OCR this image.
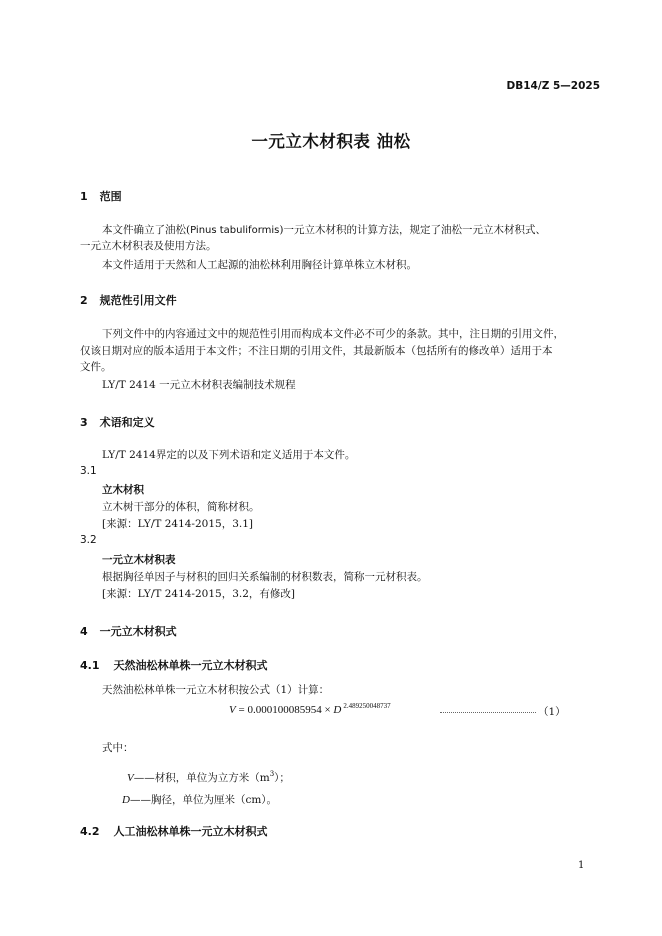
DB14/Z 5—2025
一元立木材积表 油松
1 范围
本文件确立了油松(Pinus tabuliformis)一元立木材积的计算方法，规定了油松一元立木材积式、
一元立木材积表及使用方法。
本文件适用于天然和人工起源的油松林利用胸径计算单株立木材积。
2 规范性引用文件
下列文件中的内容通过文中的规范性引用而构成本文件必不可少的条款。其中，注日期的引用文件，
仅该日期对应的版本适用于本文件；不注日期的引用文件，其最新版本（包括所有的修改单）适用于本
文件。
LY/T 2414 一元立木材积表编制技术规程
3 术语和定义
LY/T 2414界定的以及下列术语和定义适用于本文件。
3.1
立木材积
立木树干部分的体积，简称材积。
[来源：LY/T 2414-2015，3.1]
3.2
一元立木材积表
根据胸径单因子与材积的回归关系编制的材积数表，简称一元材积表。
[来源：LY/T 2414-2015，3.2，有修改]
4 一元立木材积式
4.1 天然油松林单株一元立木材积式
天然油松林单株一元立木材积按公式（1）计算：
V = 0.000100085954 × D $^{2.489250048737}$	（1）
式中：
V——材积，单位为立方米$(m^3)$；
D——胸径，单位为厘米（cm）。
4.2 人工油松林单株一元立木材积式
1
